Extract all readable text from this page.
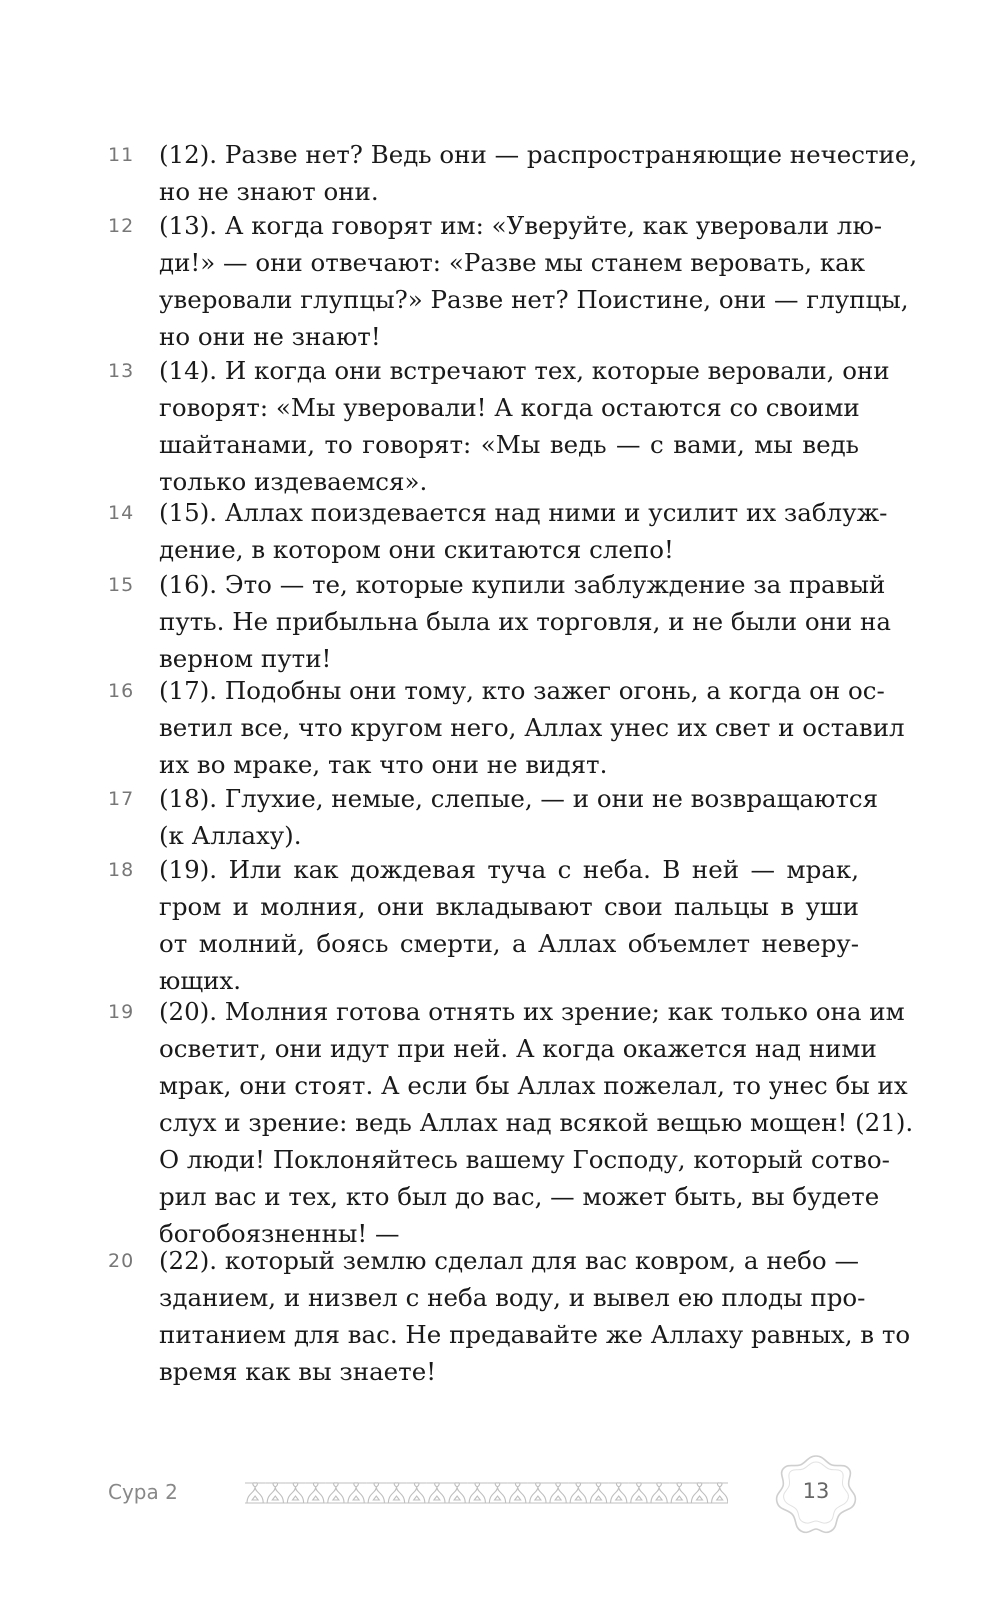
11 (12). Разве нет? Ведь они — распространяющие нечестие,
но не знают они.
12 (13). А когда говорят им: «Уверуйте, как уверовали лю-
ди!» — они отвечают: «Разве мы станем веровать, как
уверовали глупцы?» Разве нет? Поистине, они — глупцы,
но они не знают!
13 (14). И когда они встречают тех, которые веровали, они
говорят: «Мы уверовали! А когда остаются со своими
шайтанами, то говорят: «Мы ведь — с вами, мы ведь
только издеваемся».
14 (15). Аллах поиздевается над ними и усилит их заблуж-
дение, в котором они скитаются слепо!
15 (16). Это — те, которые купили заблуждение за правый
путь. Не прибыльна была их торговля, и не были они на
верном пути!
16 (17). Подобны они тому, кто зажег огонь, а когда он ос-
ветил все, что кругом него, Аллах унес их свет и оставил
их во мраке, так что они не видят.
17 (18). Глухие, немые, слепые, — и они не возвращаются
(к Аллаху).
18 (19). Или как дождевая туча с неба. В ней — мрак,
гром и молния, они вкладывают свои пальцы в уши
от молний, боясь смерти, а Аллах объемлет неверу-
ющих.
19 (20). Молния готова отнять их зрение; как только она им
осветит, они идут при ней. А когда окажется над ними
мрак, они стоят. А если бы Аллах пожелал, то унес бы их
слух и зрение: ведь Аллах над всякой вещью мощен! (21).
О люди! Поклоняйтесь вашему Господу, который сотво-
рил вас и тех, кто был до вас, — может быть, вы будете
богобоязненны! —
20 (22). который землю сделал для вас ковром, а небо —
зданием, и низвел с неба воду, и вывел ею плоды про-
питанием для вас. Не предавайте же Аллаху равных, в то
время как вы знаете!
Сура 2	13
